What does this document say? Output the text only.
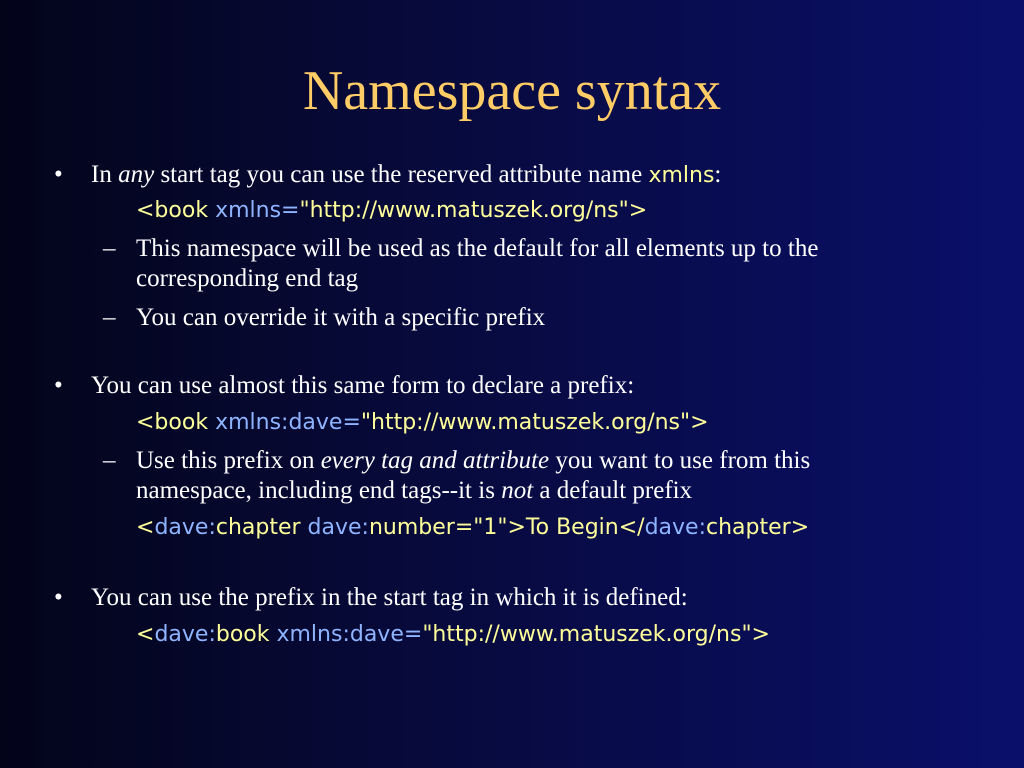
Namespace syntax
• In any start tag you can use the reserved attribute name xmlns:
<book xmlns="http://www.matuszek.org/ns">
– This namespace will be used as the default for all elements up to the
corresponding end tag
– You can override it with a specific prefix
• You can use almost this same form to declare a prefix:
<book xmlns:dave="http://www.matuszek.org/ns">
– Use this prefix on every tag and attribute you want to use from this
namespace, including end tags--it is not a default prefix
<dave:chapter dave:number="1">To Begin</dave:chapter>
• You can use the prefix in the start tag in which it is defined:
<dave:book xmlns:dave="http://www.matuszek.org/ns">
